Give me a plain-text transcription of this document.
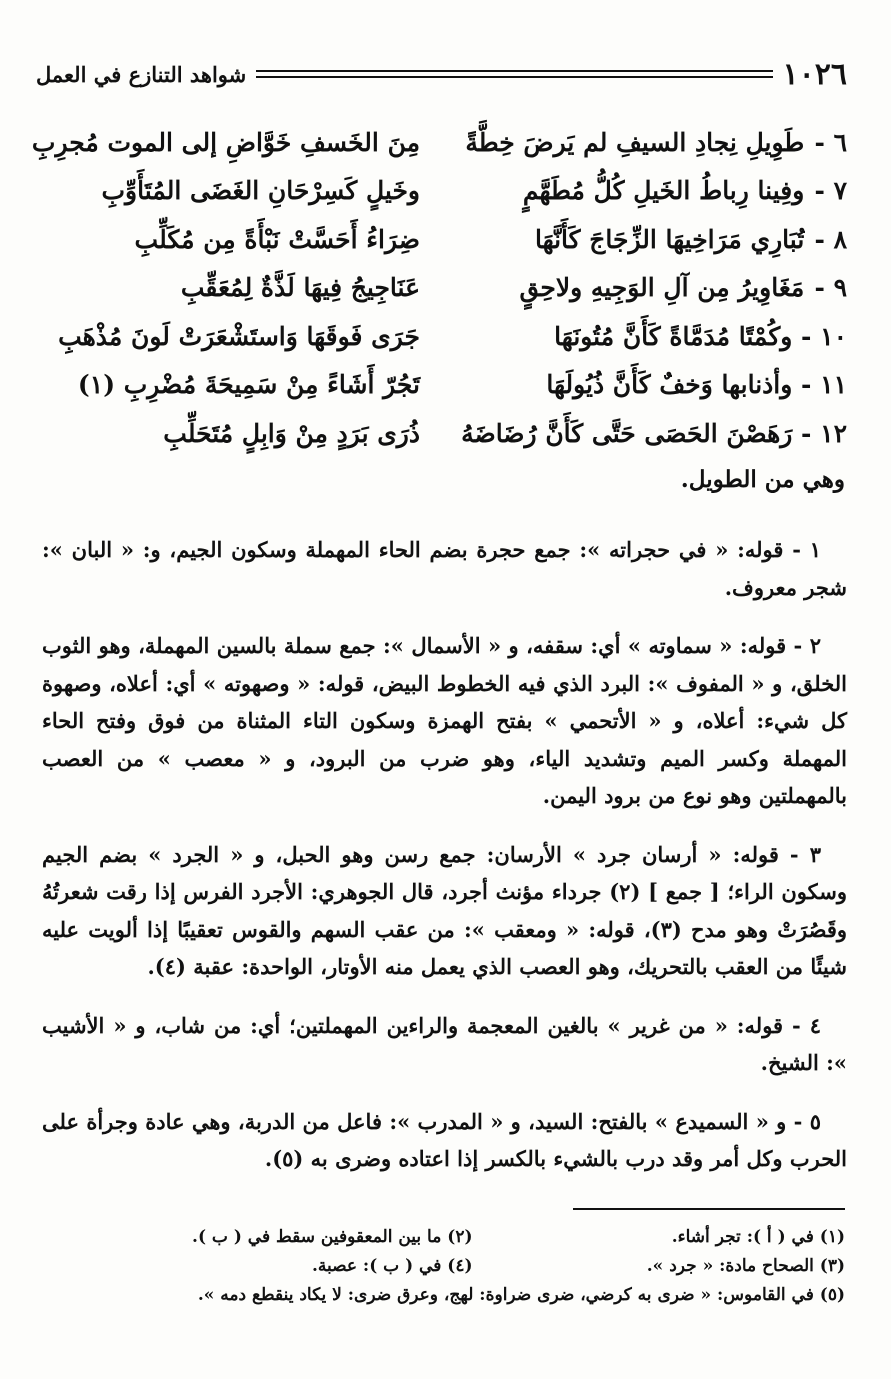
١٠٢٦
شواهد التنازع في العمل
٦ - طَوِيلِ نِجادِ السيفِ لم يَرضَ خِطَّةً
مِنَ الخَسفِ خَوَّاضِ إلى الموت مُجرِبِ
٧ - وفِينا رِباطُ الخَيلِ كُلُّ مُطَهَّمٍ
وخَيلٍ كَسِرْحَانِ الغَضَى المُتَأَوِّبِ
٨ - تُبَارِي مَرَاخِيهَا الزِّجَاجَ كَأَنَّهَا
ضِرَاءُ أَحَسَّتْ نَبْأَةً مِن مُكَلِّبِ
٩ - مَغَاوِيرُ مِن آلِ الوَجِيهِ ولاحِقٍ
عَنَاجِيجُ فِيهَا لَذَّةٌ لِمُعَقِّبِ
١٠ - وكُمْتًا مُدَمَّاةً كَأَنَّ مُتُونَهَا
جَرَى فَوقَهَا وَاستَشْعَرَتْ لَونَ مُذْهَبِ
١١ - وأذنابها وَخفٌ كَأَنَّ ذُيُولَهَا
تَجُرّ أَشَاءً مِنْ سَمِيحَةَ مُضْرِبِ (١)
١٢ - رَهَصْنَ الحَصَى حَتَّى كَأَنَّ رُضَاضَهُ
ذُرَى بَرَدٍ مِنْ وَابِلٍ مُتَحَلِّبِ
وهي من الطويل.

١ - قوله: « في حجراته »: جمع حجرة بضم الحاء المهملة وسكون الجيم، و: « البان »: شجر معروف.

٢ - قوله: « سماوته » أي: سقفه، و « الأسمال »: جمع سملة بالسين المهملة، وهو الثوب الخلق، و « المفوف »: البرد الذي فيه الخطوط البيض، قوله: « وصهوته » أي: أعلاه، وصهوة كل شيء: أعلاه، و « الأتحمي » بفتح الهمزة وسكون التاء المثناة من فوق وفتح الحاء المهملة وكسر الميم وتشديد الياء، وهو ضرب من البرود، و « معصب » من العصب بالمهملتين وهو نوع من برود اليمن.

٣ - قوله: « أرسان جرد » الأرسان: جمع رسن وهو الحبل، و « الجرد » بضم الجيم وسكون الراء؛ [ جمع ] (٢) جرداء مؤنث أجرد، قال الجوهري: الأجرد الفرس إذا رقت شعرتُهُ وقَصُرَتْ وهو مدح (٣)، قوله: « ومعقب »: من عقب السهم والقوس تعقيبًا إذا ألويت عليه شيئًا من العقب بالتحريك، وهو العصب الذي يعمل منه الأوتار، الواحدة: عقبة (٤).

٤ - قوله: « من غرير » بالغين المعجمة والراءين المهملتين؛ أي: من شاب، و « الأشيب »: الشيخ.

٥ - و « السميدع » بالفتح: السيد، و « المدرب »: فاعل من الدربة، وهي عادة وجرأة على الحرب وكل أمر وقد درب بالشيء بالكسر إذا اعتاده وضرى به (٥).

(١) في ( أ ): تجر أشاء.
(٢) ما بين المعقوفين سقط في ( ب ).
(٣) الصحاح مادة: « جرد ».
(٤) في ( ب ): عصبة.
(٥) في القاموس: « ضرى به كرضي، ضرى ضراوة: لهج، وعرق ضرى: لا يكاد ينقطع دمه ».
